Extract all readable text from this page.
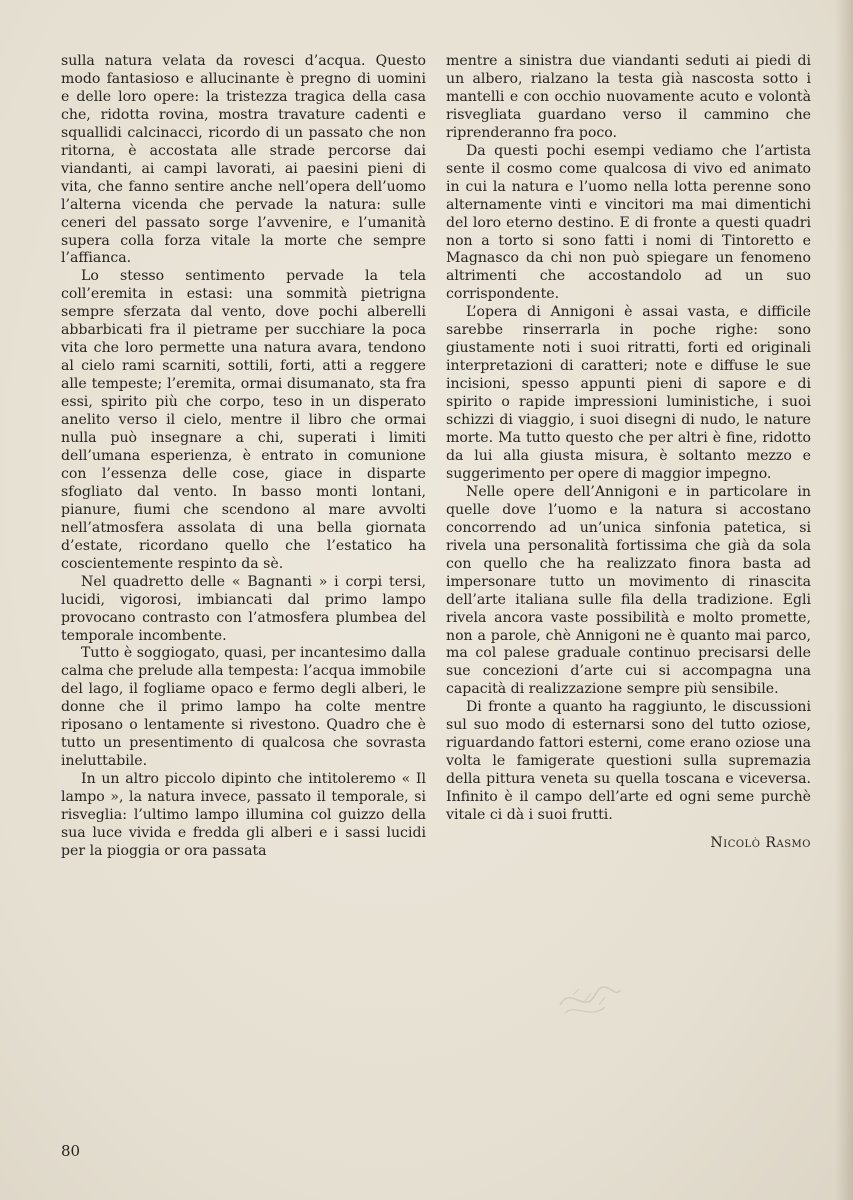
sulla natura velata da rovesci d’acqua. Questo modo fantasioso e allucinante è pregno di uomini e delle loro opere: la tristezza tragica della casa che, ridotta rovina, mostra travature cadenti e squallidi calcinacci, ricordo di un passato che non ritorna, è accostata alle strade percorse dai viandanti, ai campi lavorati, ai paesini pieni di vita, che fanno sentire anche nell’opera dell’uomo l’alterna vicenda che pervade la natura: sulle ceneri del passato sorge l’avvenire, e l’umanità supera colla forza vitale la morte che sempre l’affianca.

Lo stesso sentimento pervade la tela coll’eremita in estasi: una sommità pietrigna sempre sferzata dal vento, dove pochi alberelli abbarbicati fra il pietrame per succhiare la poca vita che loro permette una natura avara, tendono al cielo rami scarniti, sottili, forti, atti a reggere alle tempeste; l’eremita, ormai disumanato, sta fra essi, spirito più che corpo, teso in un disperato anelito verso il cielo, mentre il libro che ormai nulla può insegnare a chi, superati i limiti dell’umana esperienza, è entrato in comunione con l’essenza delle cose, giace in disparte sfogliato dal vento. In basso monti lontani, pianure, fiumi che scendono al mare avvolti nell’atmosfera assolata di una bella giornata d’estate, ricordano quello che l’estatico ha coscientemente respinto da sè.

Nel quadretto delle « Bagnanti » i corpi tersi, lucidi, vigorosi, imbiancati dal primo lampo provocano contrasto con l’atmosfera plumbea del temporale incombente.

Tutto è soggiogato, quasi, per incantesimo dalla calma che prelude alla tempesta: l’acqua immobile del lago, il fogliame opaco e fermo degli alberi, le donne che il primo lampo ha colte mentre riposano o lentamente si rivestono. Quadro che è tutto un presentimento di qualcosa che sovrasta ineluttabile.

In un altro piccolo dipinto che intitoleremo « Il lampo », la natura invece, passato il temporale, si risveglia: l’ultimo lampo illumina col guizzo della sua luce vivida e fredda gli alberi e i sassi lucidi per la pioggia or ora passata

mentre a sinistra due viandanti seduti ai piedi di un albero, rialzano la testa già nascosta sotto i mantelli e con occhio nuovamente acuto e volontà risvegliata guardano verso il cammino che riprenderanno fra poco.

Da questi pochi esempi vediamo che l’artista sente il cosmo come qualcosa di vivo ed animato in cui la natura e l’uomo nella lotta perenne sono alternamente vinti e vincitori ma mai dimentichi del loro eterno destino. E di fronte a questi quadri non a torto si sono fatti i nomi di Tintoretto e Magnasco da chi non può spiegare un fenomeno altrimenti che accostandolo ad un suo corrispondente.

L’opera di Annigoni è assai vasta, e difficile sarebbe rinserrarla in poche righe: sono giustamente noti i suoi ritratti, forti ed originali interpretazioni di caratteri; note e diffuse le sue incisioni, spesso appunti pieni di sapore e di spirito o rapide impressioni luministiche, i suoi schizzi di viaggio, i suoi disegni di nudo, le nature morte. Ma tutto questo che per altri è fine, ridotto da lui alla giusta misura, è soltanto mezzo e suggerimento per opere di maggior impegno.

Nelle opere dell’Annigoni e in particolare in quelle dove l’uomo e la natura si accostano concorrendo ad un’unica sinfonia patetica, si rivela una personalità fortissima che già da sola con quello che ha realizzato finora basta ad impersonare tutto un movimento di rinascita dell’arte italiana sulle fila della tradizione. Egli rivela ancora vaste possibilità e molto promette, non a parole, chè Annigoni ne è quanto mai parco, ma col palese graduale continuo precisarsi delle sue concezioni d’arte cui si accompagna una capacità di realizzazione sempre più sensibile.

Di fronte a quanto ha raggiunto, le discussioni sul suo modo di esternarsi sono del tutto oziose, riguardando fattori esterni, come erano oziose una volta le famigerate questioni sulla supremazia della pittura veneta su quella toscana e viceversa. Infinito è il campo dell’arte ed ogni seme purchè vitale ci dà i suoi frutti.

Nicolò Rasmo

80
